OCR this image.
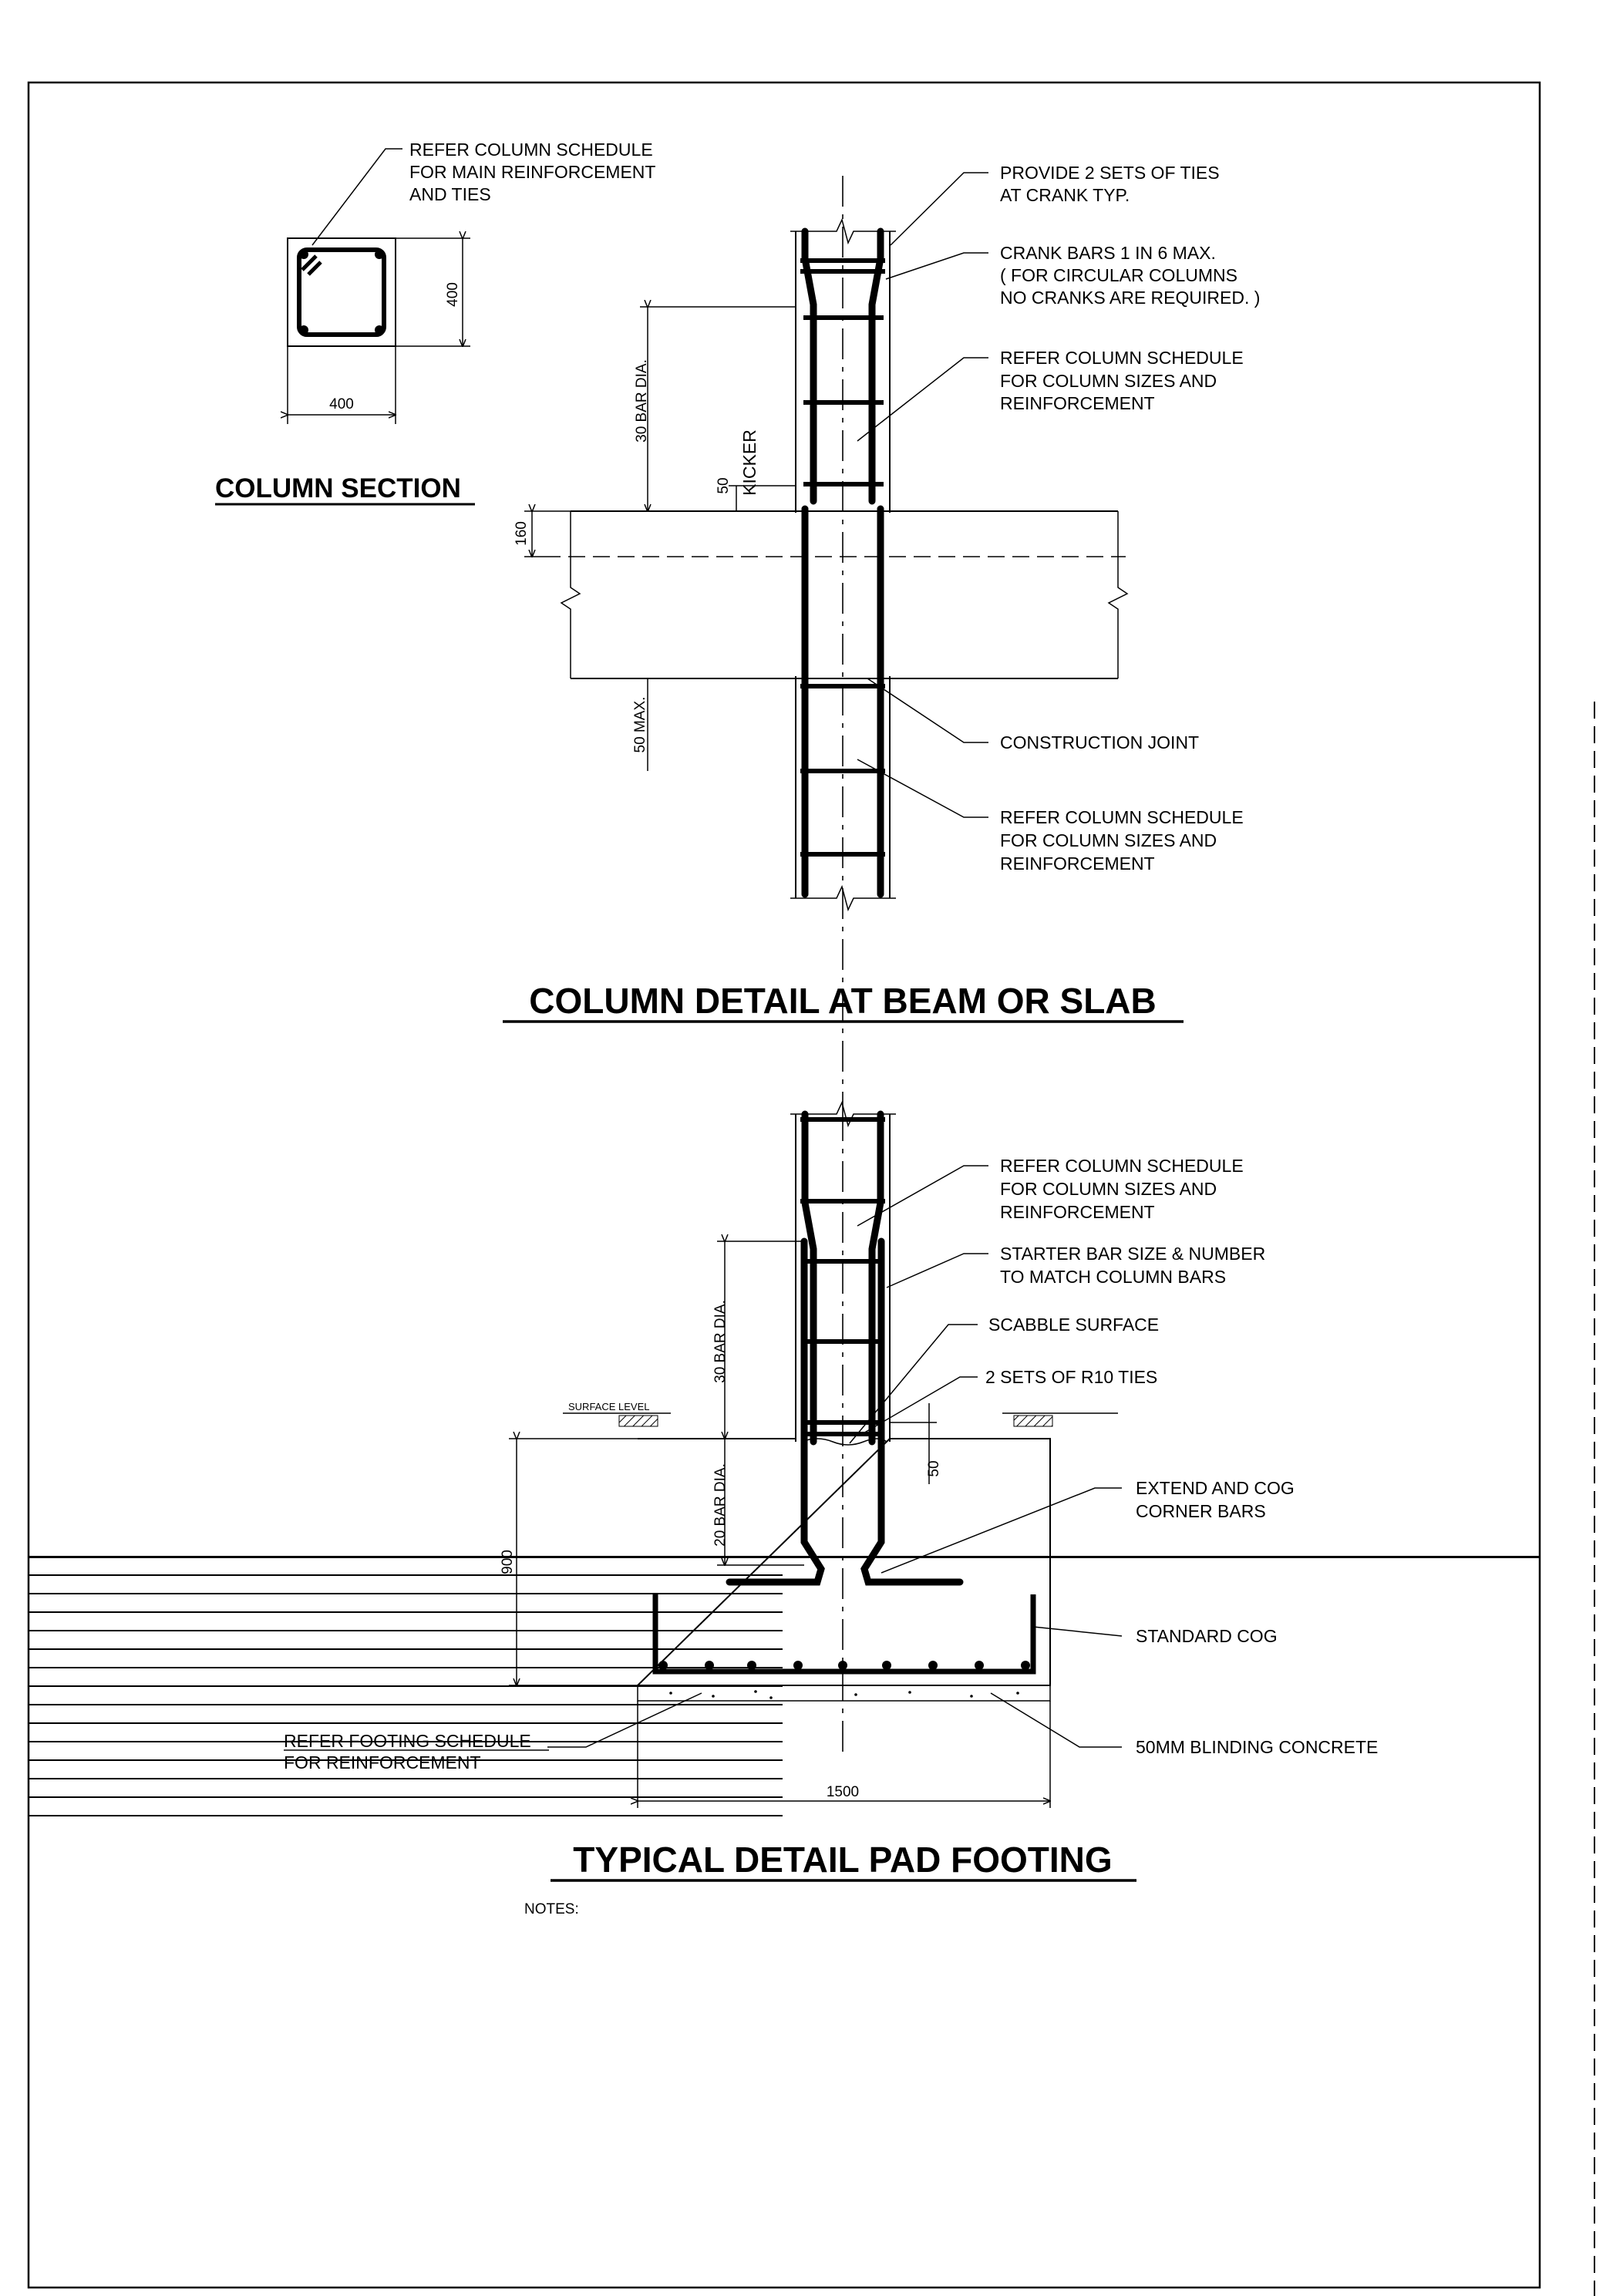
400
400
REFER COLUMN SCHEDULE FOR MAIN REINFORCEMENT AND TIES
COLUMN SECTION
30 BAR DIA.
50 KICKER
160
50 MAX.
PROVIDE 2 SETS OF TIES AT CRANK TYP.
CRANK BARS 1 IN 6 MAX. ( FOR CIRCULAR COLUMNS NO CRANKS ARE REQUIRED. )
REFER COLUMN SCHEDULE FOR COLUMN SIZES AND REINFORCEMENT
CONSTRUCTION JOINT
REFER COLUMN SCHEDULE FOR COLUMN SIZES AND REINFORCEMENT
COLUMN DETAIL AT BEAM OR SLAB
SURFACE LEVEL
30 BAR DIA.
20 BAR DIA.	50
900
1500
REFER COLUMN SCHEDULE FOR COLUMN SIZES AND REINFORCEMENT
STARTER BAR SIZE & NUMBER TO MATCH COLUMN BARS
SCABBLE SURFACE
2 SETS OF R10 TIES
EXTEND AND COG CORNER BARS
STANDARD COG
50MM BLINDING CONCRETE
REFER FOOTING SCHEDULE FOR REINFORCEMENT
TYPICAL DETAIL PAD FOOTING
NOTES:
